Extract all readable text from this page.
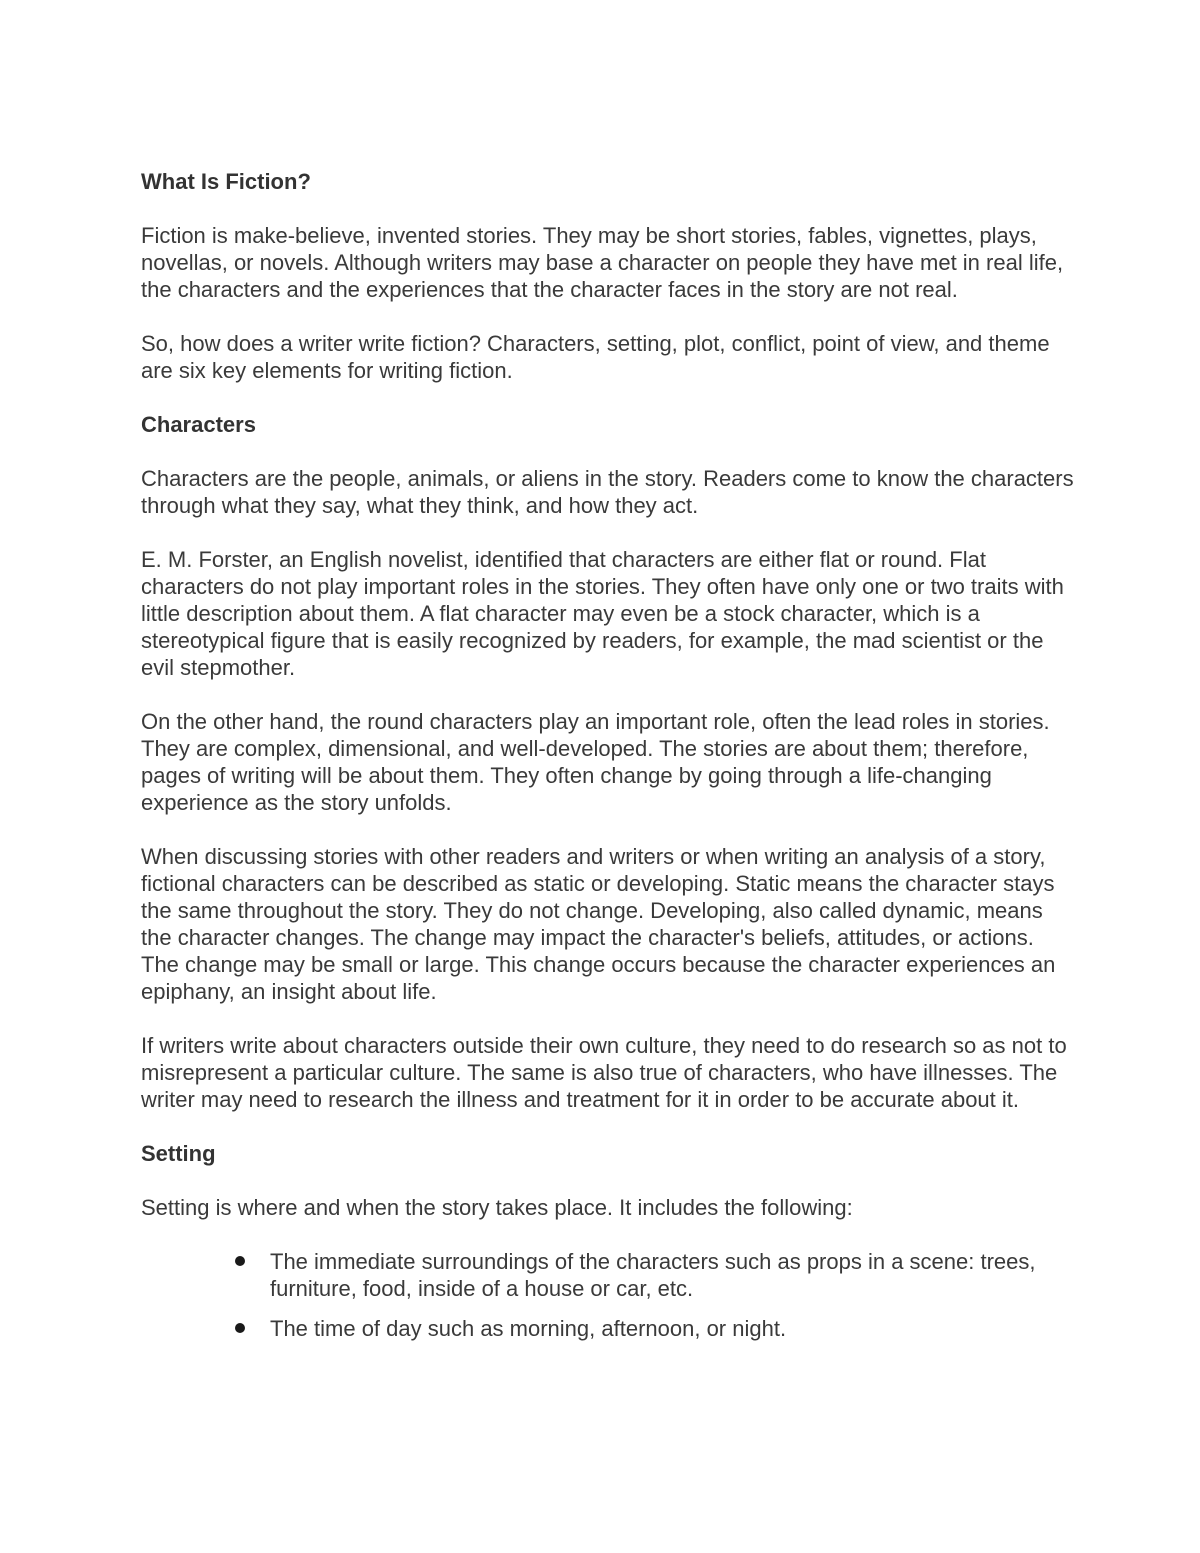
What Is Fiction?

Fiction is make-believe, invented stories. They may be short stories, fables, vignettes, plays, novellas, or novels. Although writers may base a character on people they have met in real life, the characters and the experiences that the character faces in the story are not real.

So, how does a writer write fiction? Characters, setting, plot, conflict, point of view, and theme are six key elements for writing fiction.

Characters

Characters are the people, animals, or aliens in the story. Readers come to know the characters through what they say, what they think, and how they act.

E. M. Forster, an English novelist, identified that characters are either flat or round. Flat characters do not play important roles in the stories. They often have only one or two traits with little description about them. A flat character may even be a stock character, which is a stereotypical figure that is easily recognized by readers, for example, the mad scientist or the evil stepmother.

On the other hand, the round characters play an important role, often the lead roles in stories. They are complex, dimensional, and well-developed. The stories are about them; therefore, pages of writing will be about them. They often change by going through a life-changing experience as the story unfolds.

When discussing stories with other readers and writers or when writing an analysis of a story, fictional characters can be described as static or developing. Static means the character stays the same throughout the story. They do not change. Developing, also called dynamic, means the character changes. The change may impact the character's beliefs, attitudes, or actions. The change may be small or large. This change occurs because the character experiences an epiphany, an insight about life.

If writers write about characters outside their own culture, they need to do research so as not to misrepresent a particular culture. The same is also true of characters, who have illnesses. The writer may need to research the illness and treatment for it in order to be accurate about it.

Setting

Setting is where and when the story takes place. It includes the following:

The immediate surroundings of the characters such as props in a scene: trees, furniture, food, inside of a house or car, etc.
The time of day such as morning, afternoon, or night.
